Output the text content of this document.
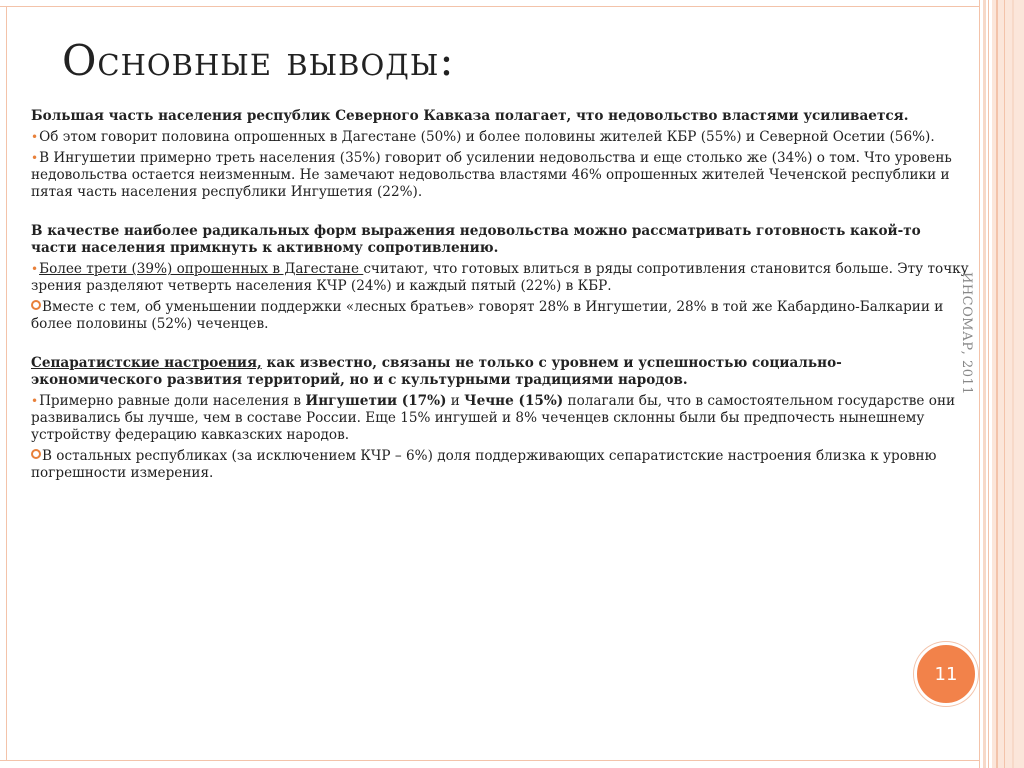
Основные выводы:

Большая часть населения республик Северного Кавказа полагает, что недовольство властями усиливается.

•Об этом говорит половина опрошенных в Дагестане (50%) и более половины жителей КБР (55%) и Северной Осетии (56%).

•В Ингушетии примерно треть населения (35%) говорит об усилении недовольства и еще столько же (34%) о том. Что уровень недовольства остается неизменным. Не замечают недовольства властями 46% опрошенных жителей Чеченской республики и пятая часть населения республики Ингушетия (22%).

В качестве наиболее радикальных форм выражения недовольства можно рассматривать готовность какой-то части населения примкнуть к активному сопротивлению.

•Более трети (39%) опрошенных в Дагестане считают, что готовых влиться в ряды сопротивления становится больше. Эту точку зрения разделяют четверть населения КЧР (24%) и каждый пятый (22%) в КБР.

Вместе с тем, об уменьшении поддержки «лесных братьев» говорят 28% в Ингушетии, 28% в той же Кабардино-Балкарии и более половины (52%) чеченцев.

Сепаратистские настроения, как известно, связаны не только с уровнем и успешностью социально-экономического развития территорий, но и с культурными традициями народов.

•Примерно равные доли населения в Ингушетии (17%) и Чечне (15%) полагали бы, что в самостоятельном государстве они развивались бы лучше, чем в составе России. Еще 15% ингушей и 8% чеченцев склонны были бы предпочесть нынешнему устройству федерацию кавказских народов.

В остальных республиках (за исключением КЧР – 6%) доля поддерживающих сепаратистские настроения близка к уровню погрешности измерения.

ИНСОМАР, 2011
11
